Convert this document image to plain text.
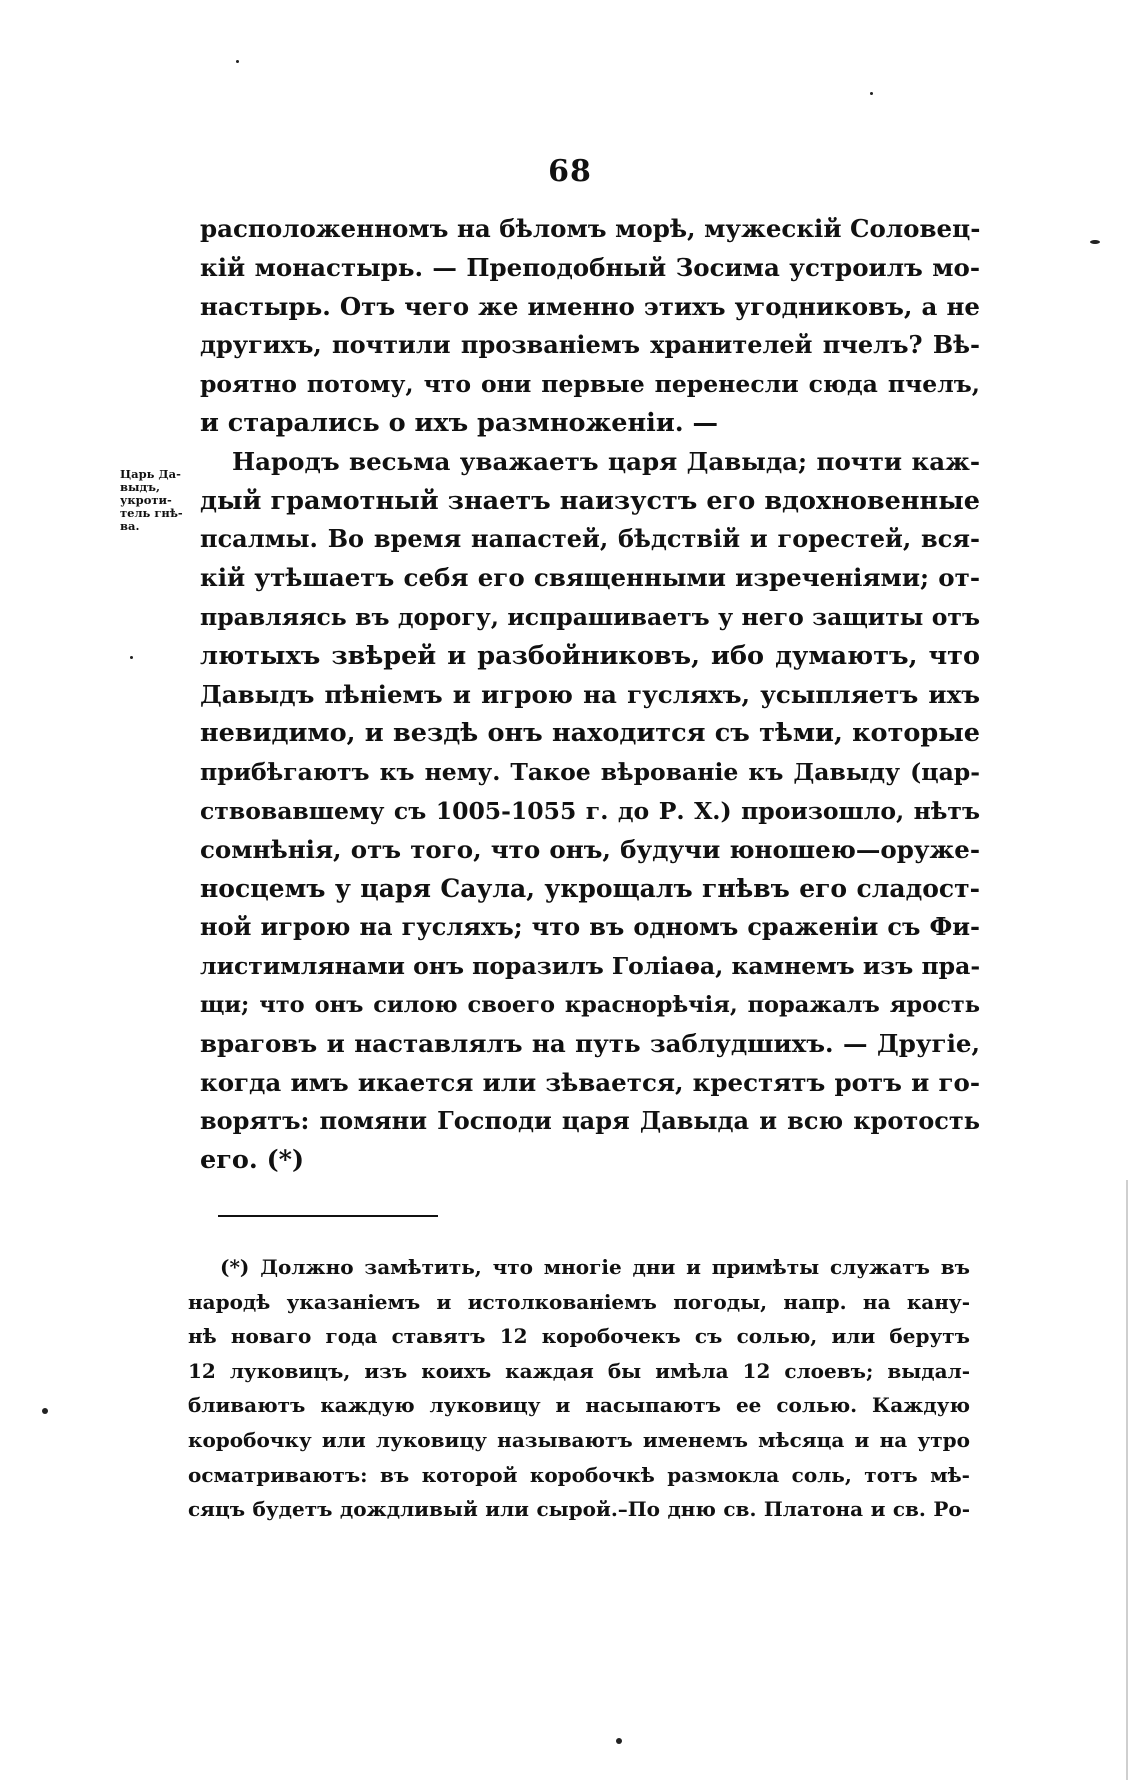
68
Царь Да-
выдъ,
укроти-
тель гнѣ-
ва.
расположенномъ на бѣломъ морѣ, мужескій Соловец-
кій монастырь. — Преподобный Зосима устроилъ мо-
настырь. Отъ чего же именно этихъ угодниковъ, а не
другихъ, почтили прозваніемъ хранителей пчелъ? Вѣ-
роятно потому, что они первые перенесли сюда пчелъ,
и старались о ихъ размноженіи. —
Народъ весьма уважаетъ царя Давыда; почти каж-
дый грамотный знаетъ наизустъ его вдохновенные
псалмы. Во время напастей, бѣдствій и горестей, вся-
кій утѣшаетъ себя его священными изреченіями; от-
правляясь въ дорогу, испрашиваетъ у него защиты отъ
лютыхъ звѣрей и разбойниковъ, ибо думаютъ, что
Давыдъ пѣніемъ и игрою на гусляхъ, усыпляетъ ихъ
невидимо, и вездѣ онъ находится съ тѣми, которые
прибѣгаютъ къ нему. Такое вѣрованіе къ Давыду (цар-
ствовавшему съ 1005-1055 г. до Р. Х.) произошло, нѣтъ
сомнѣнія, отъ того, что онъ, будучи юношею—оруже-
носцемъ у царя Саула, укрощалъ гнѣвъ его сладост-
ной игрою на гусляхъ; что въ одномъ сраженіи съ Фи-
листимлянами онъ поразилъ Голіаѳа, камнемъ изъ пра-
щи; что онъ силою своего краснорѣчія, поражалъ ярость
враговъ и наставлялъ на путь заблудшихъ. — Другіе,
когда имъ икается или зѣвается, крестятъ ротъ и го-
ворятъ: помяни Господи царя Давыда и всю кротость
его. (*)
(*) Должно замѣтить, что многіе дни и примѣты служатъ въ
народѣ указаніемъ и истолкованіемъ погоды, напр. на кану-
нѣ новаго года ставятъ 12 коробочекъ съ солью, или берутъ
12 луковицъ, изъ коихъ каждая бы имѣла 12 слоевъ; выдал-
бливаютъ каждую луковицу и насыпаютъ ее солью. Каждую
коробочку или луковицу называютъ именемъ мѣсяца и на утро
осматриваютъ: въ которой коробочкѣ размокла соль, тотъ мѣ-
сяцъ будетъ дождливый или сырой.–По дню св. Платона и св. Ро-
